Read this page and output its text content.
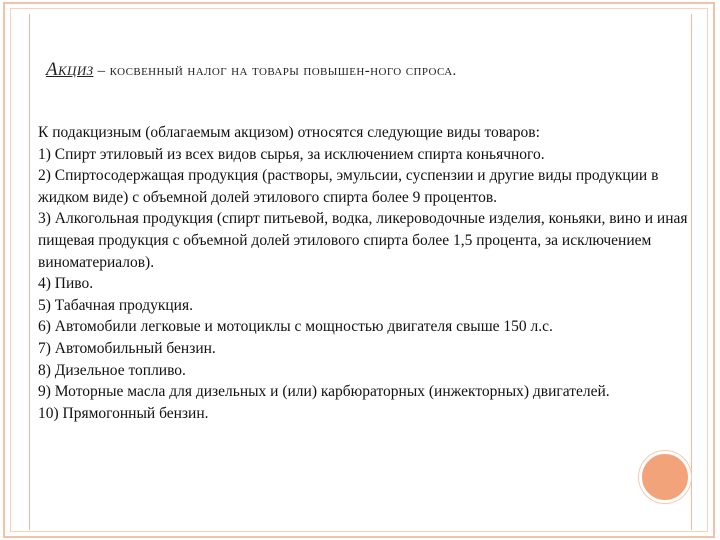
Акциз – косвенный налог на товары повышен-ного спроса.

К подакцизным (облагаемым акцизом) относятся следующие виды товаров:

1) Спирт этиловый из всех видов сырья, за исключением спирта коньячного.

2) Спиртосодержащая продукция (растворы, эмульсии, суспензии и другие виды продукции в жидком виде) с объемной долей этилового спирта более 9 процентов.

3) Алкогольная продукция (спирт питьевой, водка, ликероводочные изделия, коньяки, вино и иная пищевая продукция с объемной долей этилового спирта более 1,5 процента, за исключением виноматериалов).

4) Пиво.

5) Табачная продукция.

6) Автомобили легковые и мотоциклы с мощностью двигателя свыше 150 л.с.

7) Автомобильный бензин.

8) Дизельное топливо.

9) Моторные масла для дизельных и (или) карбюраторных (инжекторных) двигателей.

10) Прямогонный бензин.
